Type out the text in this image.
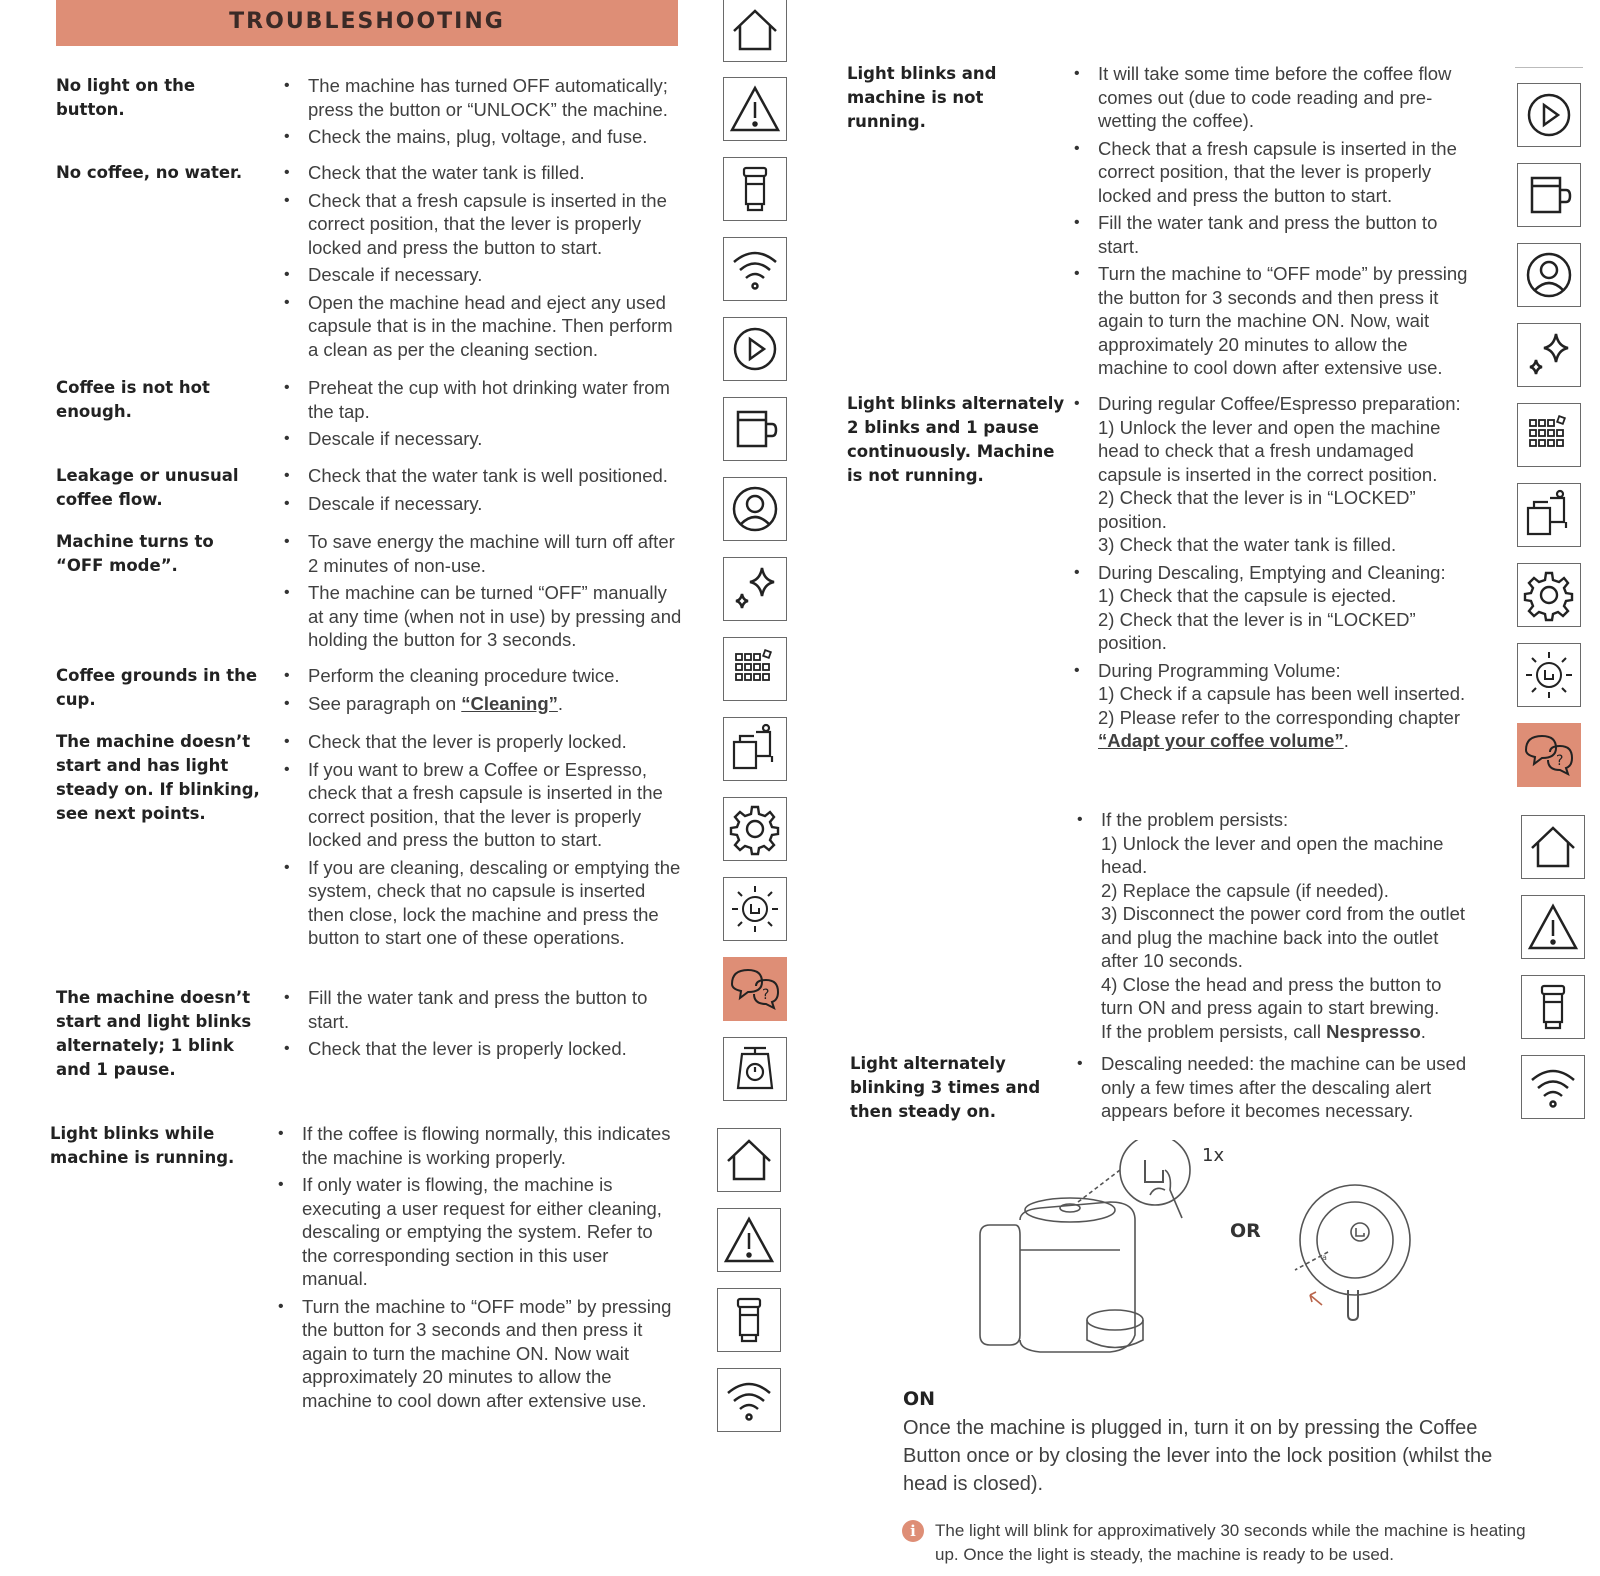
TROUBLESHOOTING
No light on the button.
• The machine has turned OFF automatically; press the button or “UNLOCK” the machine.
• Check the mains, plug, voltage, and fuse.
No coffee, no water.
•	Check that the water tank is filled.
• Check that a fresh capsule is inserted in the correct position, that the lever is properly locked and press the button to start.
• Descale if necessary.
• Open the machine head and eject any used capsule that is in the machine. Then perform a clean as per the cleaning section.
Coffee is not hot enough.
• Preheat the cup with hot drinking water from the tap.
• Descale if necessary.
Leakage or unusual coffee flow.
• Check that the water tank is well positioned.
• Descale if necessary.
Machine turns to “OFF mode”.
• To save energy the machine will turn off after 2 minutes of non-use.
• The machine can be turned “OFF” manually at any time (when not in use) by pressing and holding the button for 3 seconds.
Coffee grounds in the cup.
• Perform the cleaning procedure twice.
• See paragraph on “Cleaning”.
The machine doesn’t start and has light steady on. If blinking, see next points.
• Check that the lever is properly locked.
• If you want to brew a Coffee or Espresso, check that a fresh capsule is inserted in the correct position, that the lever is properly locked and press the button to start.
• If you are cleaning, descaling or emptying the system, check that no capsule is inserted then close, lock the machine and press the button to start one of these operations.
The machine doesn’t start and light blinks alternately; 1 blink and 1 pause.
• Fill the water tank and press the button to start.
• Check that the lever is properly locked.
Light blinks while machine is running.
• If the coffee is flowing normally, this indicates the machine is working properly.
• If only water is flowing, the machine is executing a user request for either cleaning, descaling or emptying the system. Refer to the corresponding section in this user manual.
• Turn the machine to “OFF mode” by pressing the button for 3 seconds and then press it again to turn the machine ON. Now wait approximately 20 minutes to allow the machine to cool down after extensive use.
?
Light blinks and machine is not running.
• It will take some time before the coffee flow comes out (due to code reading and pre-wetting the coffee).
• Check that a fresh capsule is inserted in the correct position, that the lever is properly locked and press the button to start.
• Fill the water tank and press the button to start.
• Turn the machine to “OFF mode” by pressing the button for 3 seconds and then press it again to turn the machine ON. Now, wait approximately 20 minutes to allow the machine to cool down after extensive use.
Light blinks alternately 2 blinks and 1 pause continuously. Machine is not running.
• During regular Coffee/Espresso preparation:
1) Unlock the lever and open the machine head to check that a fresh undamaged capsule is inserted in the correct position.
2) Check that the lever is in “LOCKED” position.
3) Check that the water tank is filled.
• During Descaling, Emptying and Cleaning:
1) Check that the capsule is ejected.
2) Check that the lever is in “LOCKED” position.
• During Programming Volume:
1) Check if a capsule has been well inserted.
2) Please refer to the corresponding chapter “Adapt your coffee volume”.
• If the problem persists:
1) Unlock the lever and open the machine head.
2) Replace the capsule (if needed).
3) Disconnect the power cord from the outlet and plug the machine back into the outlet after 10 seconds.
4) Close the head and press the button to turn ON and press again to start brewing.
If the problem persists, call Nespresso.
Light alternately blinking 3 times and then steady on.
• Descaling needed: the machine can be used only a few times after the descaling alert appears before it becomes necessary.
a
1x
OR
ON
Once the machine is plugged in, turn it on by pressing the Coffee Button once or by closing the lever into the lock position (whilst the head is closed).
i	The light will blink for approximatively 30 seconds while the machine is heating up. Once the light is steady, the machine is ready to be used.
?
